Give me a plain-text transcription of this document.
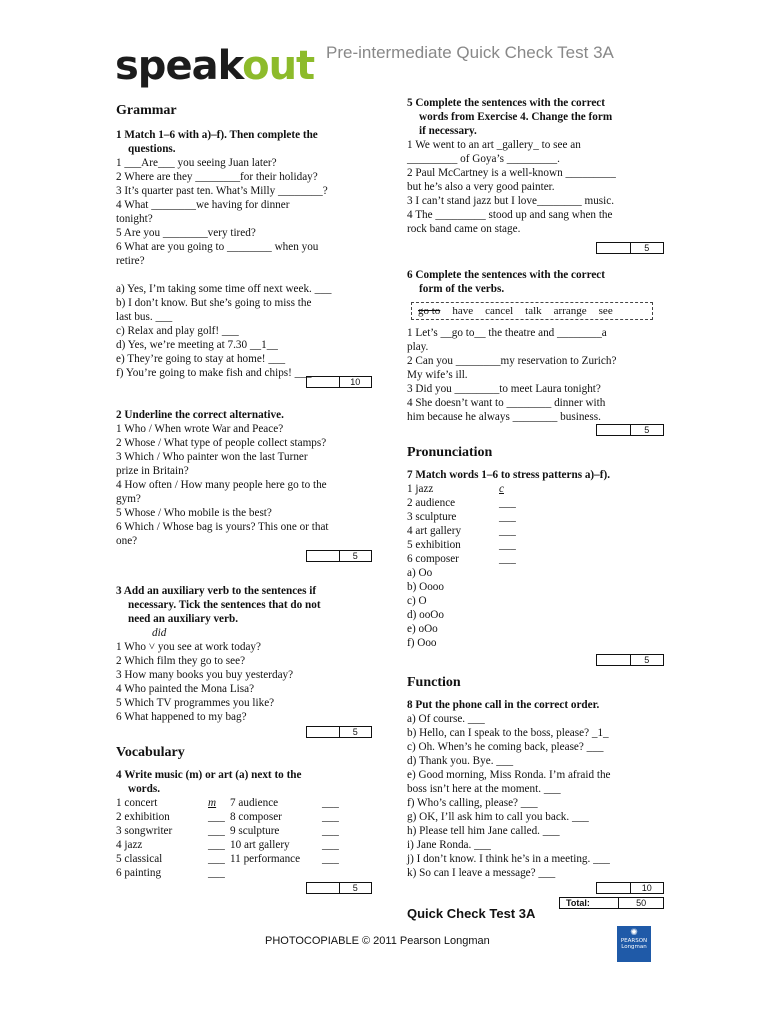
speakout Pre-intermediate Quick Check Test 3A

Grammar

1 Match 1–6 with a)–f). Then complete the
questions.

1 ___Are___ you seeing Juan later?

2 Where are they ________for their holiday?

3 It’s quarter past ten. What’s Milly ________?

4 What ________we having for dinner

tonight?

5 Are you ________very tired?

6 What are you going to ________ when you

retire?

a) Yes, I’m taking some time off next week. ___

b) I don’t know. But she’s going to miss the

last bus. ___

c) Relax and play golf! ___

d) Yes, we’re meeting at 7.30 __1__

e) They’re going to stay at home! ___

f) You’re going to make fish and chips! ___

10

2 Underline the correct alternative.

1 Who / When wrote War and Peace?

2 Whose / What type of people collect stamps?

3 Which / Who painter won the last Turner

prize in Britain?

4 How often / How many people here go to the

gym?

5 Whose / Who mobile is the best?

6 Which / Whose bag is yours? This one or that

one?

5

3 Add an auxiliary verb to the sentences if
necessary. Tick the sentences that do not
need an auxiliary verb.

did

1 Who ˅ you see at work today?

2 Which film they go to see?

3 How many books you buy yesterday?

4 Who painted the Mona Lisa?

5 Which TV programmes you like?

6 What happened to my bag?

5

Vocabulary

4 Write music (m) or art (a) next to the
words.

1 concert

2 exhibition

3 songwriter

4 jazz

5 classical

6 painting

m

___

___

___

___

___

7 audience

8 composer

9 sculpture

10 art gallery

11 performance

___

___

___

___

___

5

5 Complete the sentences with the correct
words from Exercise 4. Change the form
if necessary.

1 We went to an art _gallery_ to see an

_________ of Goya’s _________.

2 Paul McCartney is a well-known _________

but he’s also a very good painter.

3 I can’t stand jazz but I love________ music.

4 The _________ stood up and sang when the

rock band came on stage.

5

6 Complete the sentences with the correct
form of the verbs.

go to have cancel talk arrange see

1 Let’s __go to__ the theatre and ________a

play.

2 Can you ________my reservation to Zurich?

My wife’s ill.

3 Did you ________to meet Laura tonight?

4 She doesn’t want to ________ dinner with

him because he always ________ business.

5

Pronunciation

7 Match words 1–6 to stress patterns a)–f).

1 jazz

2 audience

3 sculpture

4 art gallery

5 exhibition

6 composer

c

___

___

___

___

___

a) Oo

b) Oooo

c) O

d) ooOo

e) oOo

f) Ooo

5

Function

8 Put the phone call in the correct order.

a) Of course. ___

b) Hello, can I speak to the boss, please? _1_

c) Oh. When’s he coming back, please? ___

d) Thank you. Bye. ___

e) Good morning, Miss Ronda. I’m afraid the

boss isn’t here at the moment. ___

f) Who’s calling, please? ___

g) OK, I’ll ask him to call you back. ___

h) Please tell him Jane called. ___

i) Jane Ronda. ___

j) I don’t know. I think he’s in a meeting. ___

k) So can I leave a message? ___

10
Total:	50
Quick Check Test 3A
PHOTOCOPIABLE © 2011 Pearson Longman
✺
PEARSON
Longman
